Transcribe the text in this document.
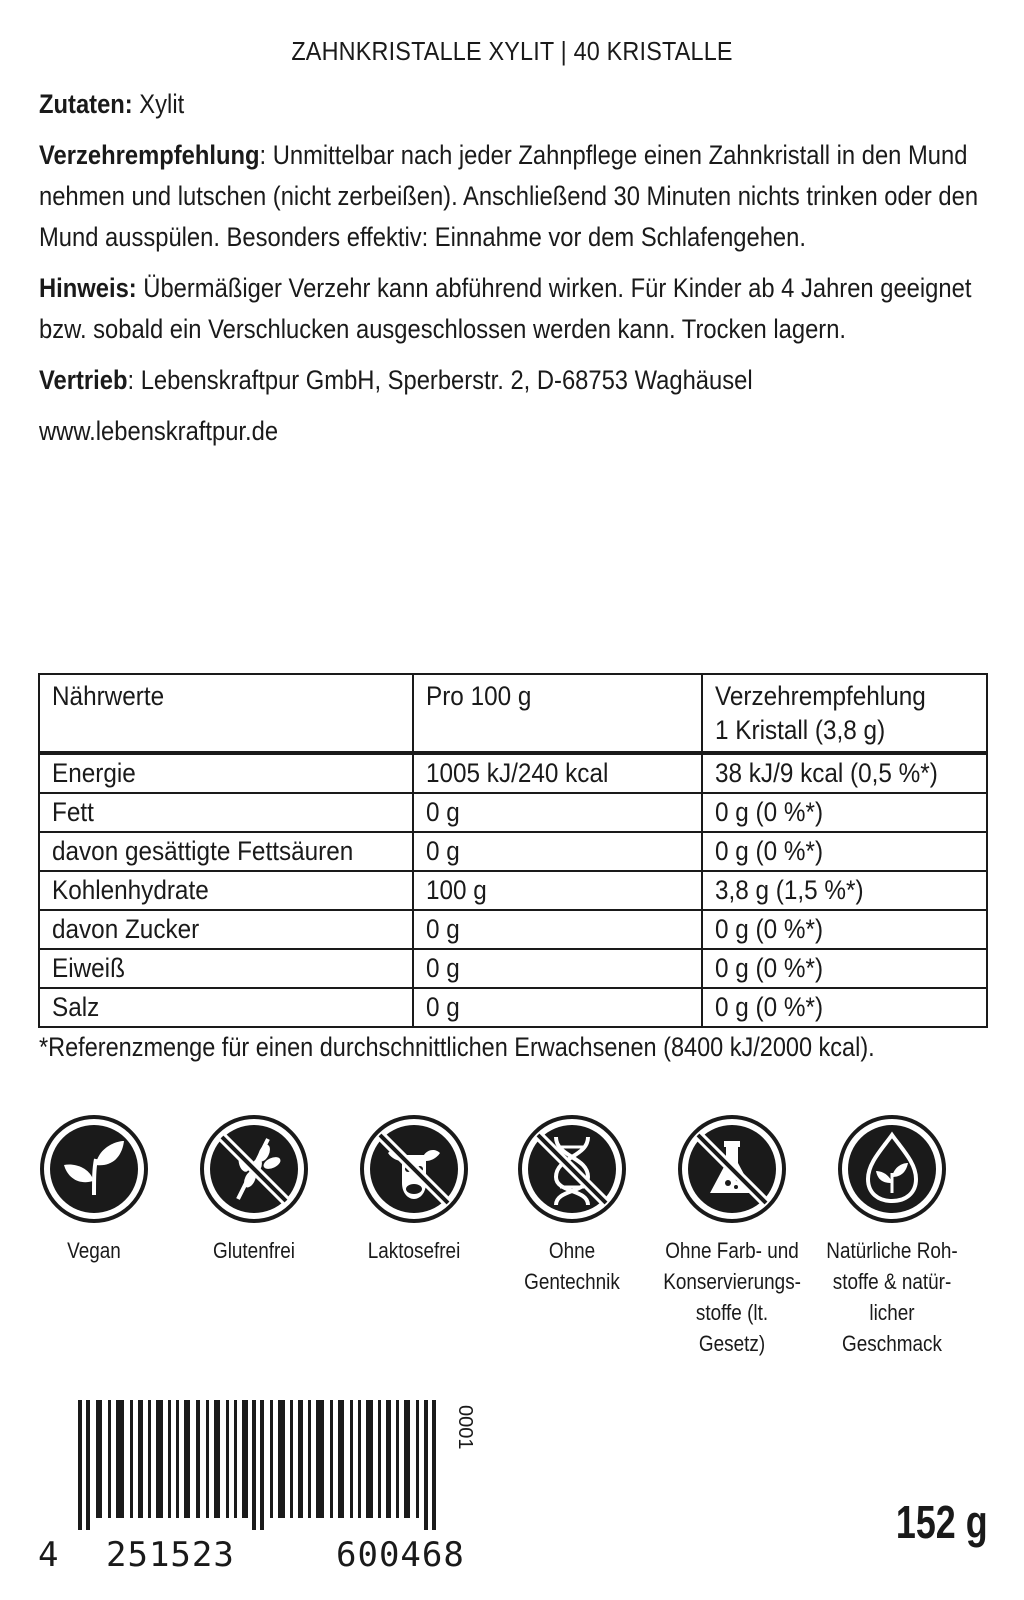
ZAHNKRISTALLE XYLIT | 40 KRISTALLE

Zutaten: Xylit

Verzehrempfehlung: Unmittelbar nach jeder Zahnpflege einen Zahnkristall in den Mund nehmen und lutschen (nicht zerbeißen). Anschließend 30 Minuten nichts trinken oder den Mund ausspülen. Besonders effektiv: Einnahme vor dem Schlafengehen.

Hinweis: Übermäßiger Verzehr kann abführend wirken. Für Kinder ab 4 Jahren geeignet bzw. sobald ein Verschlucken ausgeschlossen werden kann. Trocken lagern.

Vertrieb: Lebenskraftpur GmbH, Sperberstr. 2, D-68753 Waghäusel

www.lebenskraftpur.de

Nährwerte	Pro 100 g	Verzehrempfehlung
1 Kristall (3,8 g)
Energie	1005 kJ/240 kcal	38 kJ/9 kcal (0,5 %*)
Fett	0 g	0 g (0 %*)
davon gesättigte Fettsäuren	0 g	0 g (0 %*)
Kohlenhydrate	100 g	3,8 g (1,5 %*)
davon Zucker	0 g	0 g (0 %*)
Eiweiß	0 g	0 g (0 %*)
Salz	0 g	0 g (0 %*)
*Referenzmenge für einen durchschnittlichen Erwachsenen (8400 kJ/2000 kcal).
Vegan	Glutenfrei	Laktosefrei	Ohne
Gentechnik
Ohne Farb- und
Konservierungs-
stoffe (lt. Gesetz)
Natürliche Roh-
stoffe & natür-
licher Geschmack
4 251523	600468
0001
152 g
